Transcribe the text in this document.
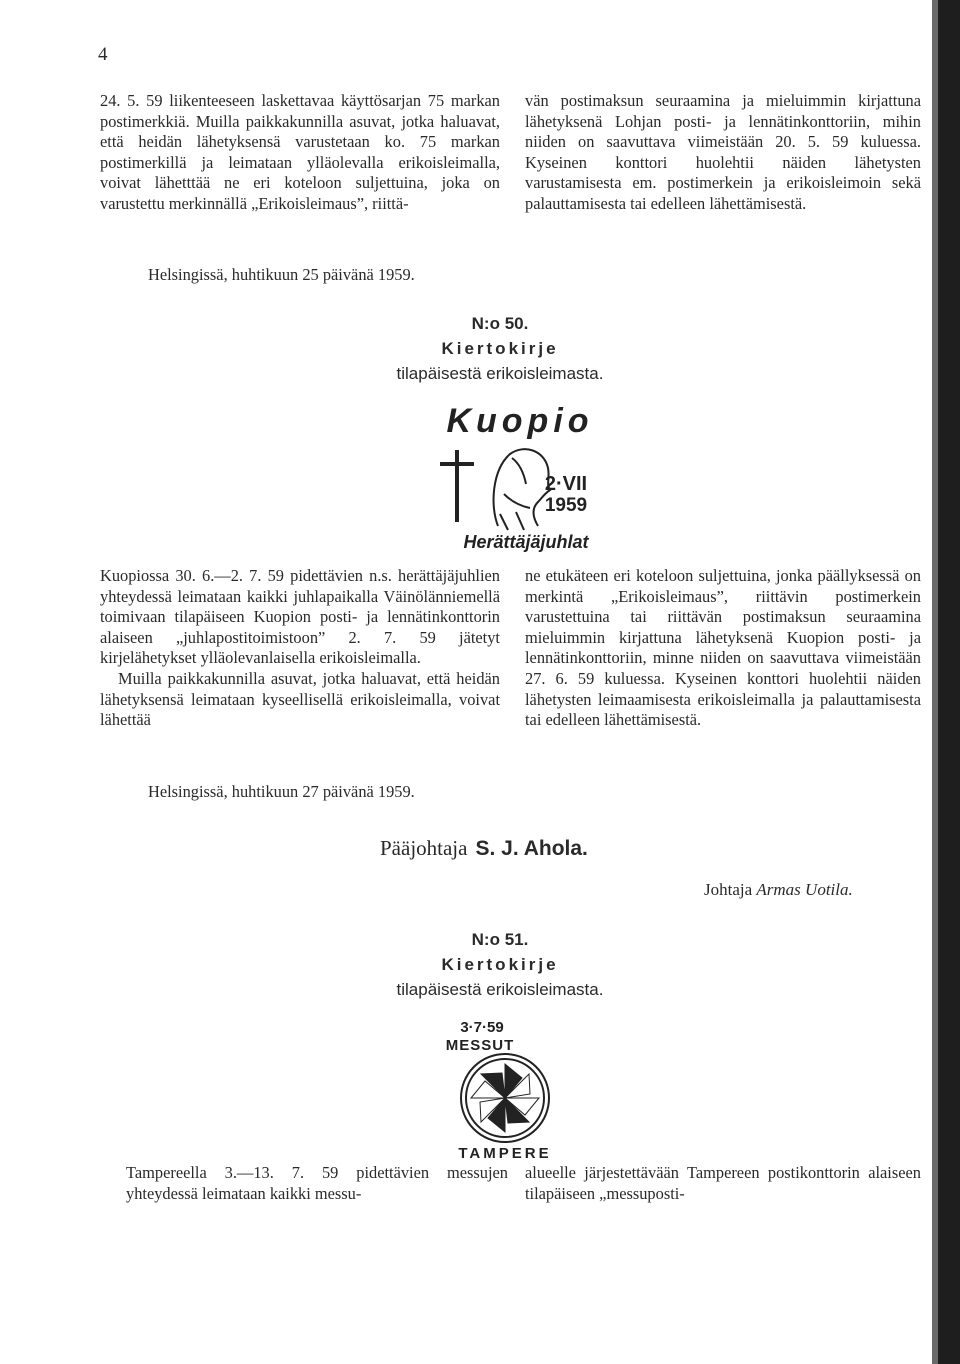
4

24. 5. 59 liikenteeseen laskettavaa käyttösarjan 75 markan postimerkkiä. Muilla paikkakunnilla asuvat, jotka haluavat, että heidän lähetyksensä varustetaan ko. 75 markan postimerkillä ja leimataan ylläolevalla erikoisleimalla, voivat lähetttää ne eri koteloon suljettuina, joka on varustettu merkinnällä „Erikoisleimaus”, riittä-

vän postimaksun seuraamina ja mieluimmin kirjattuna lähetyksenä Lohjan posti- ja lennätinkonttoriin, mihin niiden on saavuttava viimeistään 20. 5. 59 kuluessa. Kyseinen konttori huolehtii näiden lähetysten varustamisesta em. postimerkein ja erikoisleimoin sekä palauttamisesta tai edelleen lähettämisestä.

Helsingissä, huhtikuun 25 päivänä 1959.
N:o 50.
Kiertokirje
tilapäisestä erikoisleimasta.
Kuopio
2·VII
1959
Herättäjäjuhlat

Kuopiossa 30. 6.—2. 7. 59 pidettävien n.s. herättäjäjuhlien yhteydessä leimataan kaikki juhlapaikalla Väinölänniemellä toimivaan tilapäiseen Kuopion posti- ja lennätinkonttorin alaiseen „juhlapostitoimistoon” 2. 7. 59 jätetyt kirjelähetykset ylläolevanlaisella erikoisleimalla.

Muilla paikkakunnilla asuvat, jotka haluavat, että heidän lähetyksensä leimataan kyseellisellä erikoisleimalla, voivat lähettää

ne etukäteen eri koteloon suljettuina, jonka päällyksessä on merkintä „Erikoisleimaus”, riittävin postimerkein varustettuina tai riittävän postimaksun seuraamina mieluimmin kirjattuna lähetyksenä Kuopion posti- ja lennätinkonttoriin, minne niiden on saavuttava viimeistään 27. 6. 59 kuluessa. Kyseinen konttori huolehtii näiden lähetysten leimaamisesta erikoisleimalla ja palauttamisesta tai edelleen lähettämisestä.

Helsingissä, huhtikuun 27 päivänä 1959.
Pääjohtaja S. J. Ahola.
Johtaja Armas Uotila.
N:o 51.
Kiertokirje
tilapäisestä erikoisleimasta.
3·7·59
MESSUT
TAMPERE

Tampereella 3.—13. 7. 59 pidettävien messujen yhteydessä leimataan kaikki messu-

alueelle järjestettävään Tampereen postikonttorin alaiseen tilapäiseen „messuposti-
